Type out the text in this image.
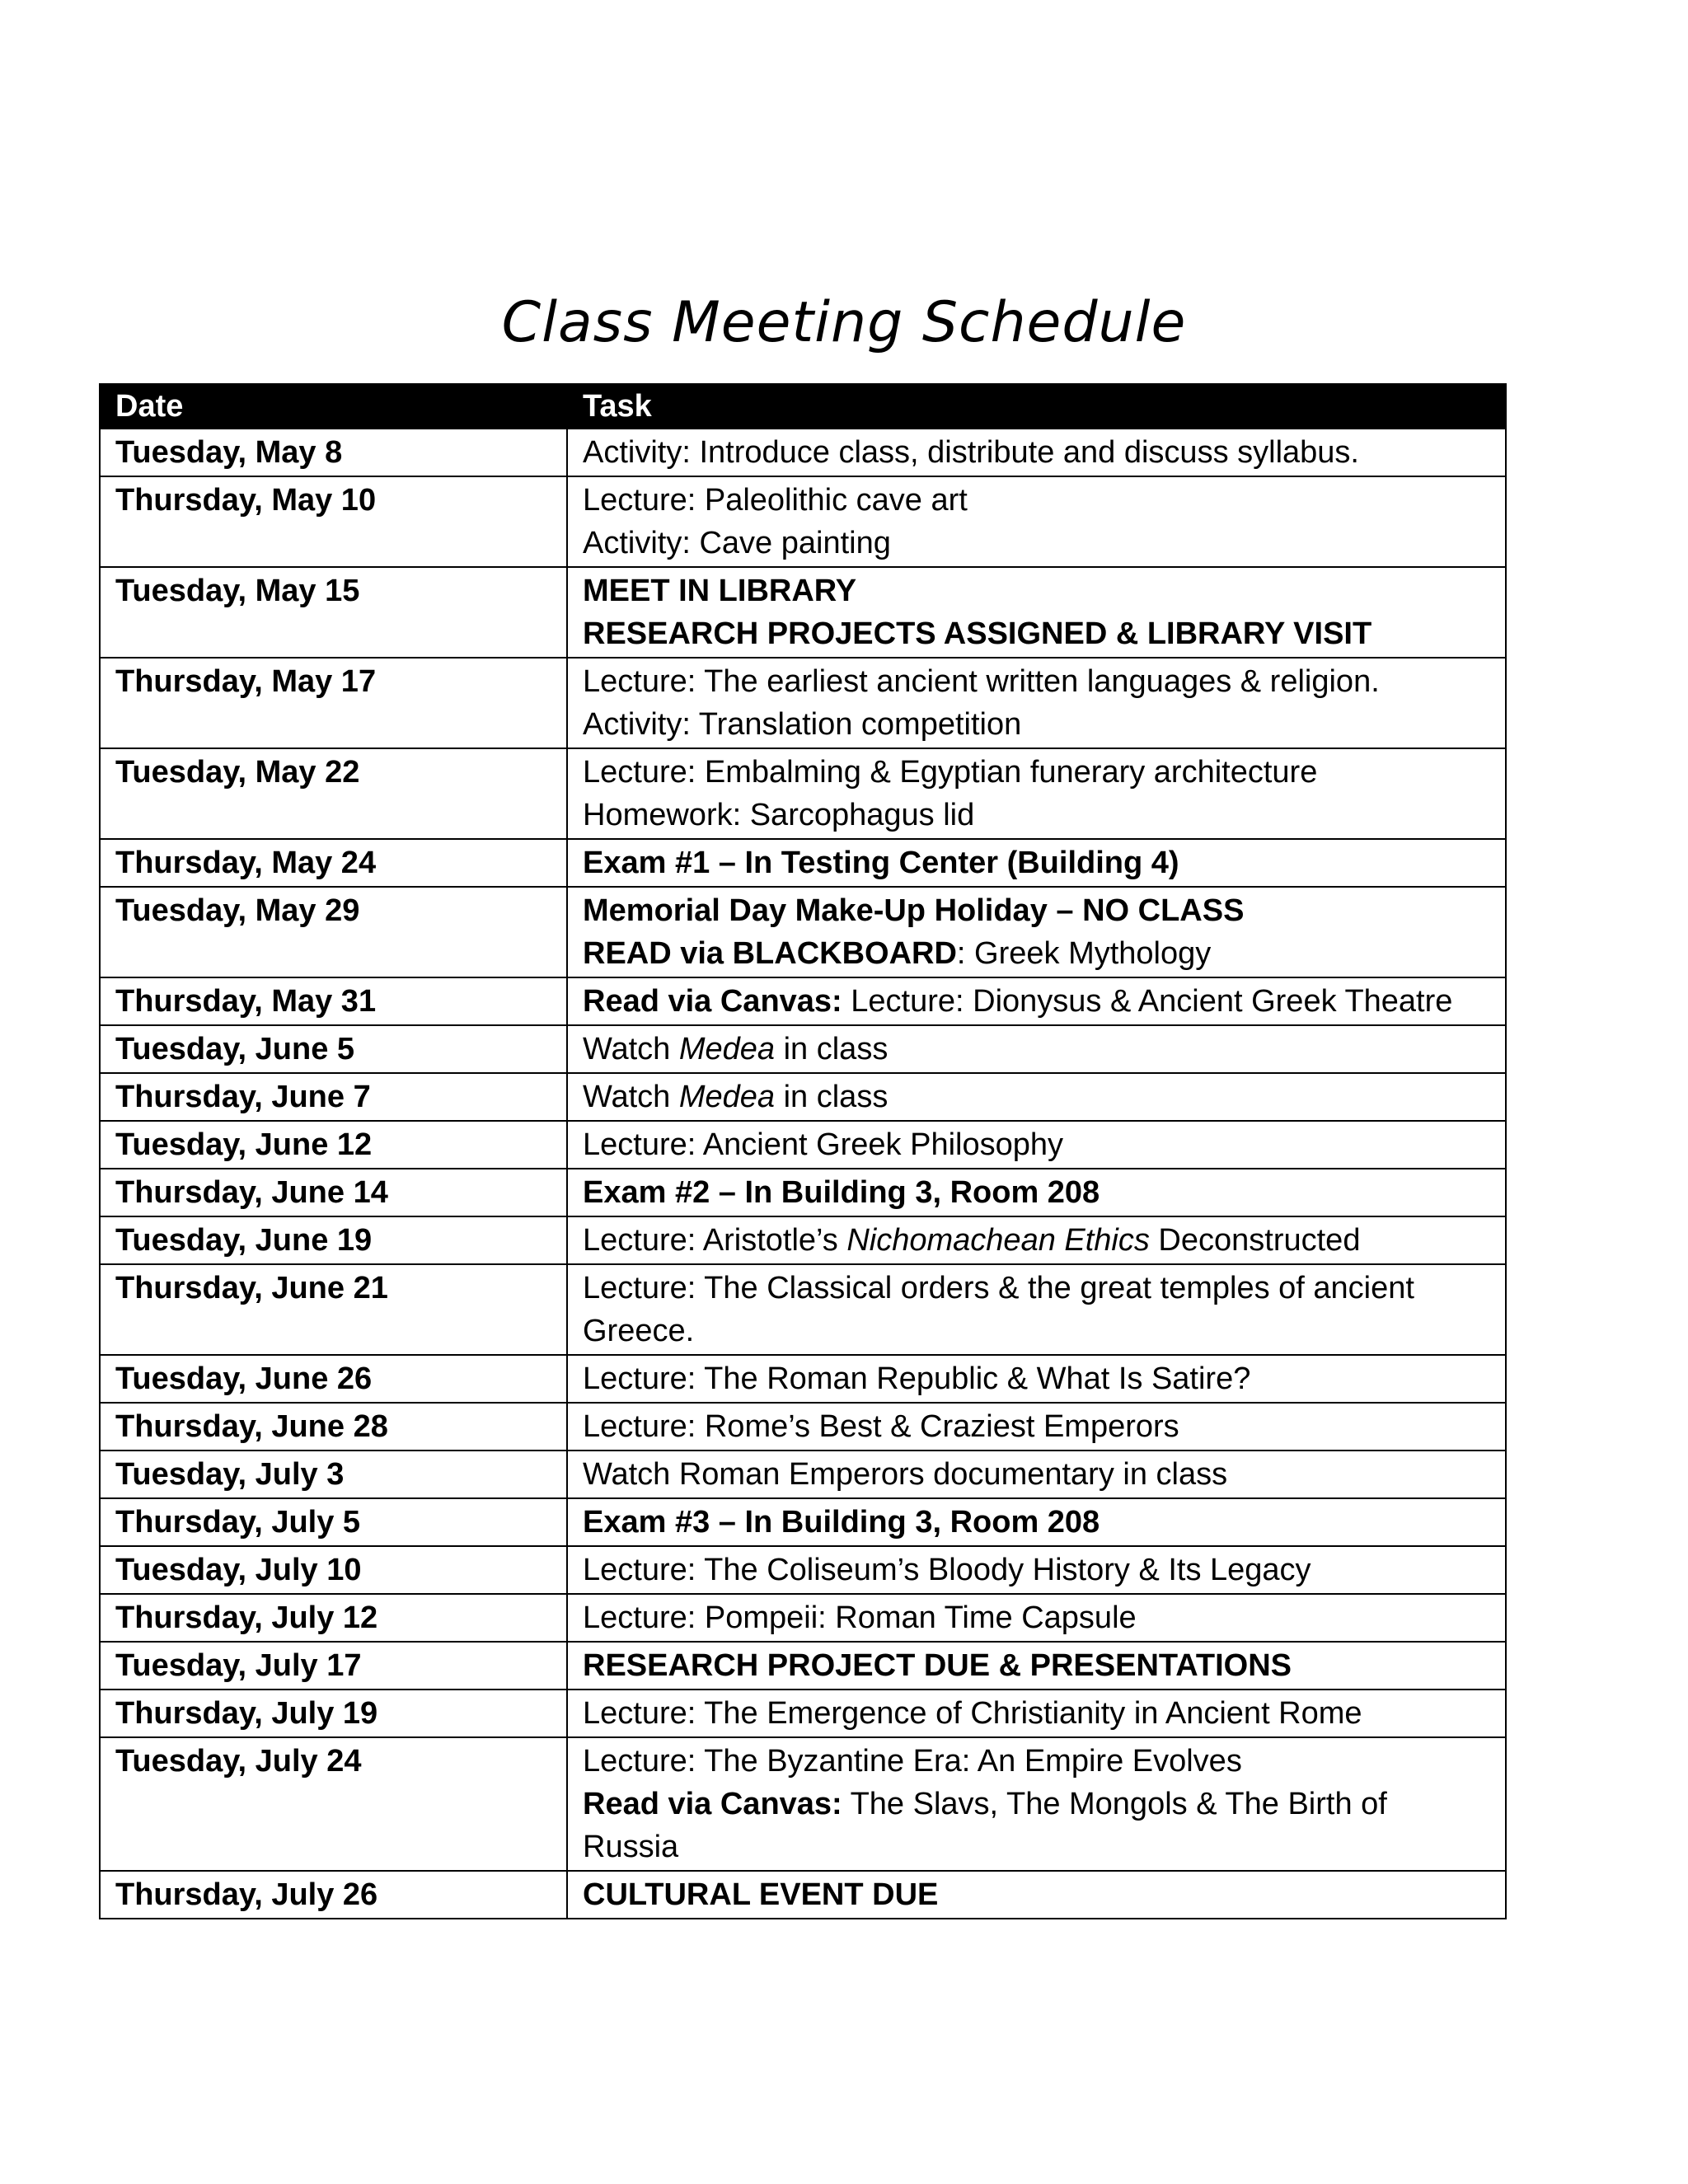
Class Meeting Schedule
Date	Task
Tuesday, May 8	Activity: Introduce class, distribute and discuss syllabus.

Thursday, May 10	Lecture: Paleolithic cave art
Activity: Cave painting

Tuesday, May 15	MEET IN LIBRARY
RESEARCH PROJECTS ASSIGNED & LIBRARY VISIT

Thursday, May 17	Lecture: The earliest ancient written languages & religion.
Activity: Translation competition

Tuesday, May 22	Lecture: Embalming & Egyptian funerary architecture
Homework: Sarcophagus lid

Thursday, May 24	Exam #1 – In Testing Center (Building 4)

Tuesday, May 29	Memorial Day Make-Up Holiday – NO CLASS
READ via BLACKBOARD: Greek Mythology

Thursday, May 31	Read via Canvas: Lecture: Dionysus & Ancient Greek Theatre

Tuesday, June 5	Watch Medea in class

Thursday, June 7	Watch Medea in class

Tuesday, June 12	Lecture: Ancient Greek Philosophy

Thursday, June 14	Exam #2 – In Building 3, Room 208

Tuesday, June 19	Lecture: Aristotle’s Nichomachean Ethics Deconstructed

Thursday, June 21	Lecture: The Classical orders & the great temples of ancient
Greece.

Tuesday, June 26	Lecture: The Roman Republic & What Is Satire?

Thursday, June 28	Lecture: Rome’s Best & Craziest Emperors

Tuesday, July 3	Watch Roman Emperors documentary in class

Thursday, July 5	Exam #3 – In Building 3, Room 208

Tuesday, July 10	Lecture: The Coliseum’s Bloody History & Its Legacy

Thursday, July 12	Lecture: Pompeii: Roman Time Capsule

Tuesday, July 17	RESEARCH PROJECT DUE & PRESENTATIONS

Thursday, July 19	Lecture: The Emergence of Christianity in Ancient Rome

Tuesday, July 24	Lecture: The Byzantine Era: An Empire Evolves
Read via Canvas: The Slavs, The Mongols & The Birth of
Russia

Thursday, July 26	CULTURAL EVENT DUE
